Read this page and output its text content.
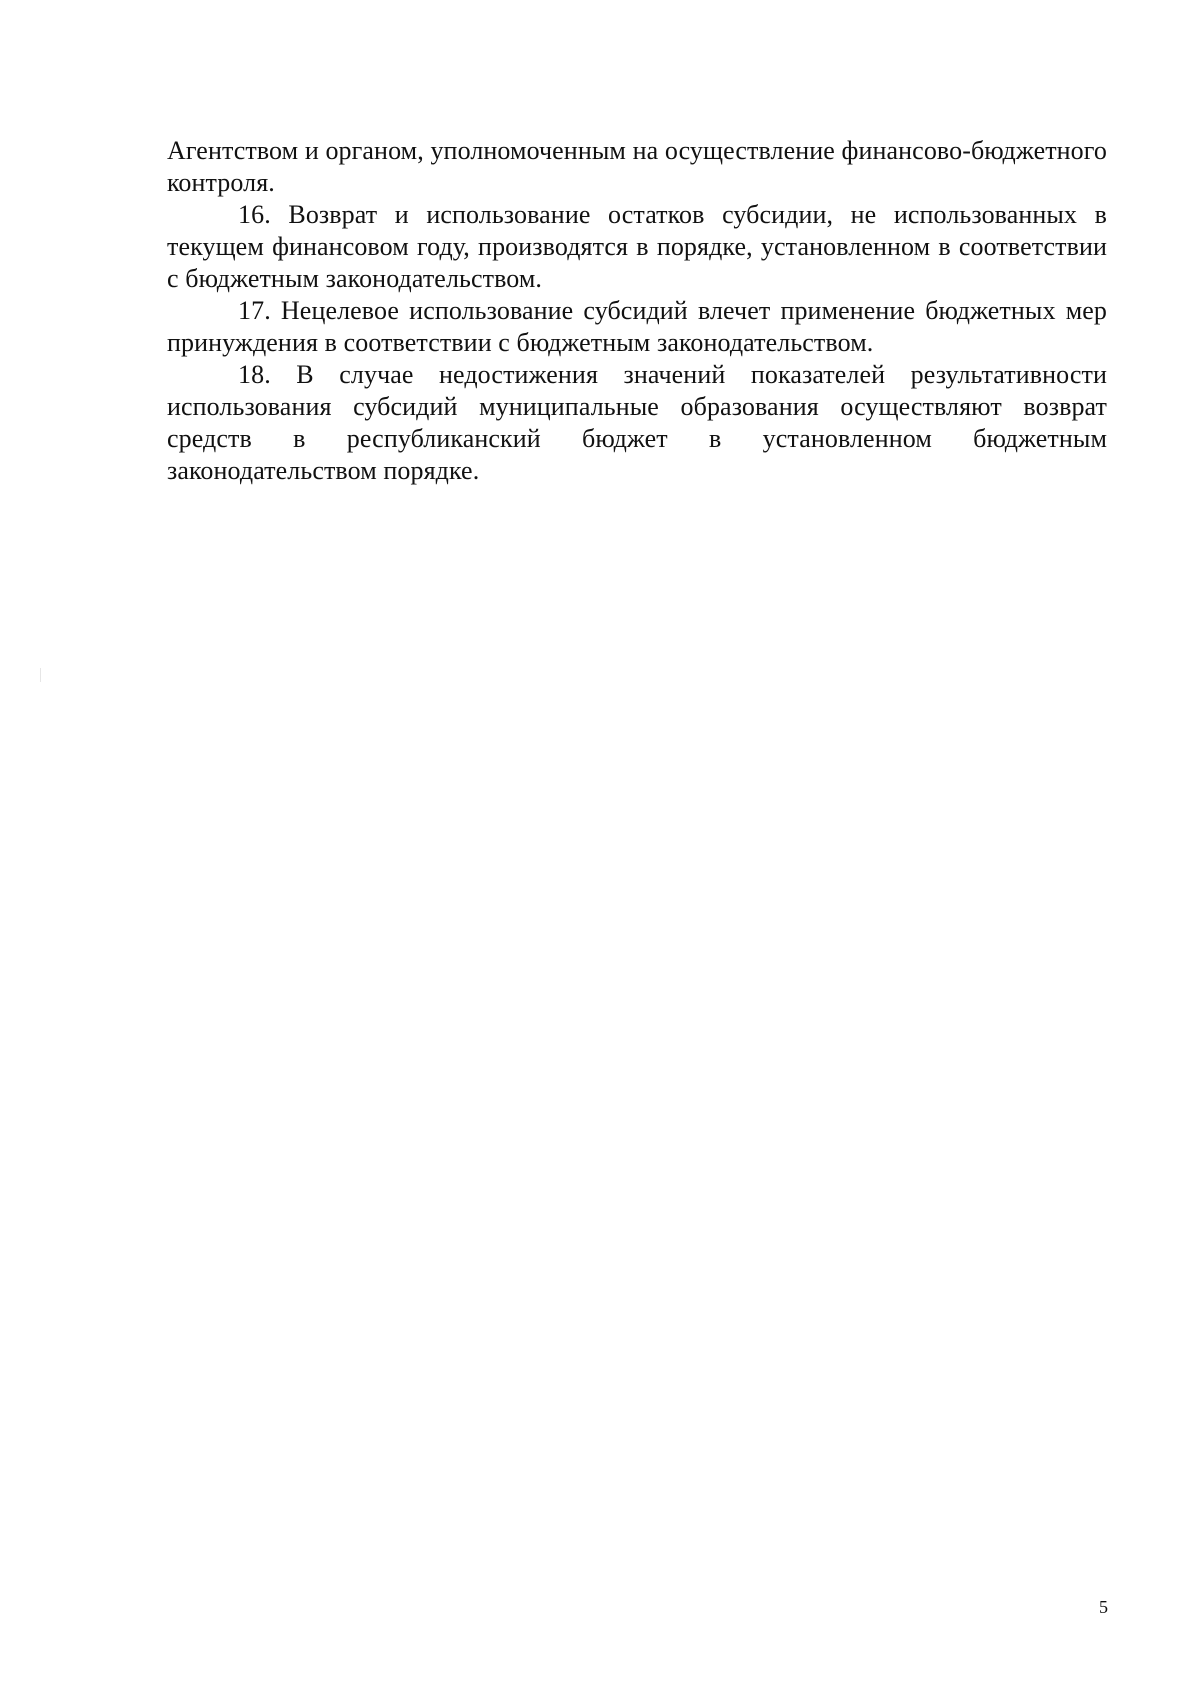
Агентством и органом, уполномоченным на осуществление финансово-бюджетного контроля.

16. Возврат и использование остатков субсидии, не использованных в текущем финансовом году, производятся в порядке, установленном в соответствии с бюджетным законодательством.

17. Нецелевое использование субсидий влечет применение бюджетных мер принуждения в соответствии с бюджетным законодательством.

18. В случае недостижения значений показателей результативности использования субсидий муниципальные образования осуществляют возврат средств в республиканский бюджет в установленном бюджетным законодательством порядке.

5
